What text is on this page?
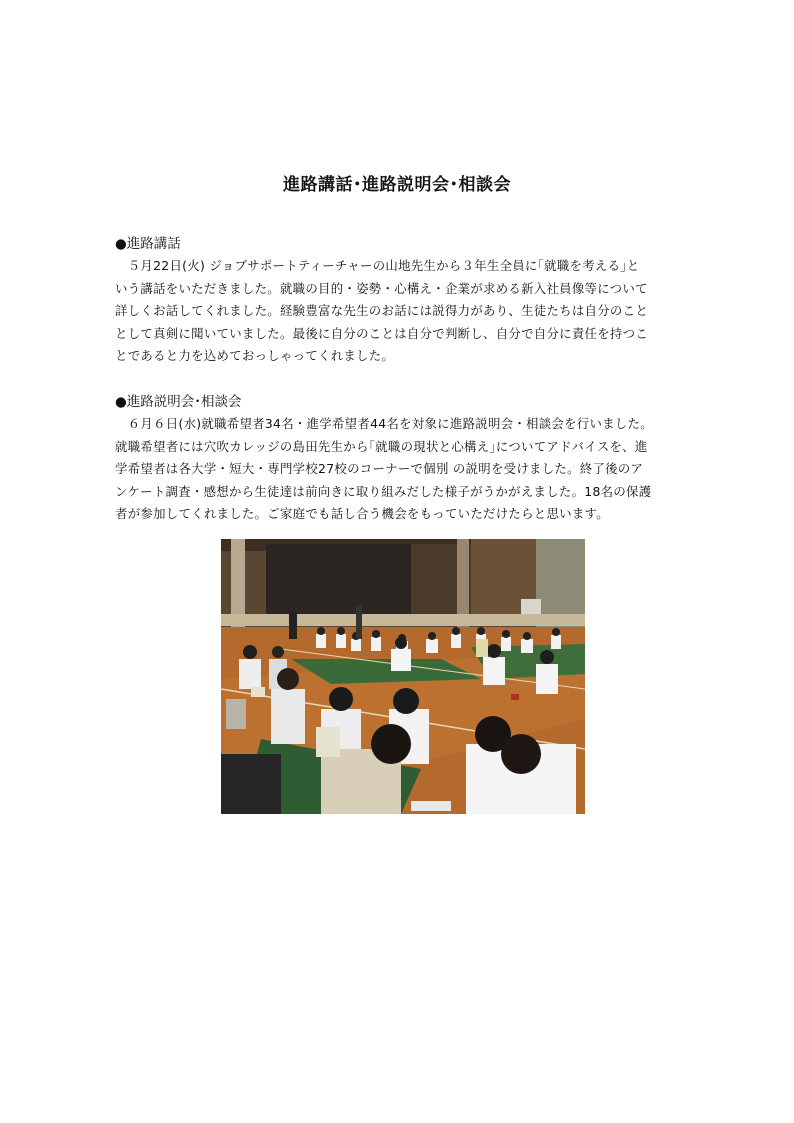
進路講話･進路説明会･相談会
●進路講話

　５月22日(火) ジョブサポートティーチャーの山地先生から３年生全員に｢就職を考える｣と

いう講話をいただきました。就職の目的・姿勢・心構え・企業が求める新入社員像等について

詳しくお話してくれました。経験豊富な先生のお話には説得力があり、生徒たちは自分のこと

として真剣に聞いていました。最後に自分のことは自分で判断し、自分で自分に責任を持つこ

とであると力を込めておっしゃってくれました。

●進路説明会･相談会

　６月６日(水)就職希望者34名・進学希望者44名を対象に進路説明会・相談会を行いました。

就職希望者には穴吹カレッジの島田先生から｢就職の現状と心構え｣についてアドバイスを、進

学希望者は各大学・短大・専門学校27校のコーナーで個別 の説明を受けました。終了後のア

ンケート調査・感想から生徒達は前向きに取り組みだした様子がうかがえました。18名の保護

者が参加してくれました。ご家庭でも話し合う機会をもっていただけたらと思います。
